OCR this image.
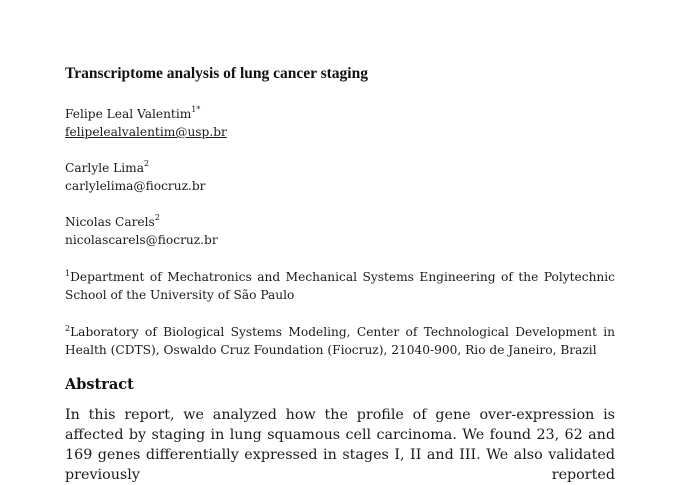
Transcriptome analysis of lung cancer staging
Felipe Leal Valentim$^{1*}$
felipelealvalentim@usp.br
Carlyle Lima$^2$
carlylelima@fiocruz.br
Nicolas Carels$^2$
nicolascarels@fiocruz.br

$^1$Department of Mechatronics and Mechanical Systems Engineering of the Polytechnic School of the University of São Paulo

$^2$Laboratory of Biological Systems Modeling, Center of Technological Development in Health (CDTS), Oswaldo Cruz Foundation (Fiocruz), 21040-900, Rio de Janeiro, Brazil

Abstract

In this report, we analyzed how the profile of gene over-expression is affected by staging in lung squamous cell carcinoma. We found 23, 62 and 169 genes differentially expressed in stages I, II and III. We also validated previously reported
